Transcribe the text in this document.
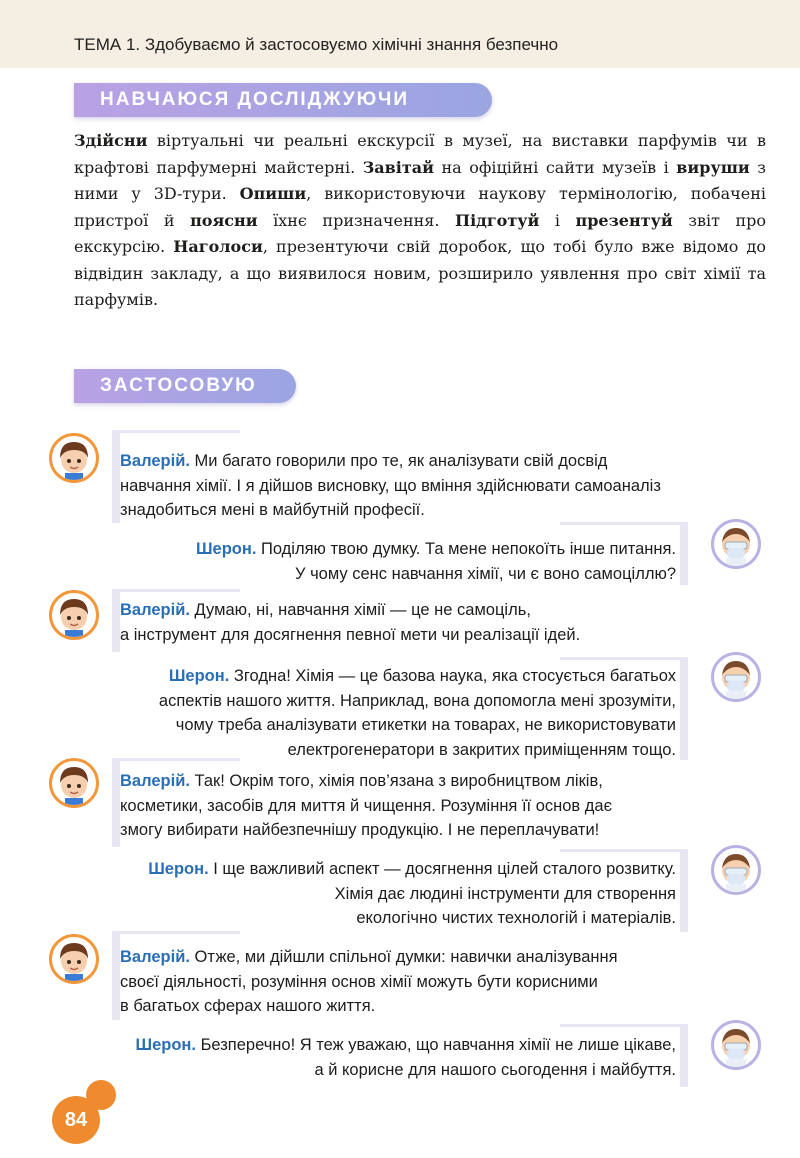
ТЕМА 1. Здобуваємо й застосовуємо хімічні знання безпечно
НАВЧАЮСЯ ДОСЛІДЖУЮЧИ

Здійсни віртуальні чи реальні екскурсії в музеї, на виставки парфумів чи в крафтові парфумерні майстерні. Завітай на офіційні сайти музеїв і вируши з ними у 3D-тури. Опиши, використовуючи наукову термінологію, побачені пристрої й поясни їхнє призначення. Підготуй і презентуй звіт про екскурсію. Наголоси, презентуючи свій доробок, що тобі було вже відомо до відвідин закладу, а що виявилося новим, розширило уявлення про світ хімії та парфумів.

ЗАСТОСОВУЮ
Валерій. Ми багато говорили про те, як аналізувати свій досвід
навчання хімії. І я дійшов висновку, що вміння здійснювати самоаналіз
знадобиться мені в майбутній професії.
Шерон. Поділяю твою думку. Та мене непокоїть інше питання.
У чому сенс навчання хімії, чи є воно самоціллю?
Валерій. Думаю, ні, навчання хімії — це не самоціль,
а інструмент для досягнення певної мети чи реалізації ідей.
Шерон. Згодна! Хімія — це базова наука, яка стосується багатьох
аспектів нашого життя. Наприклад, вона допомогла мені зрозуміти,
чому треба аналізувати етикетки на товарах, не використовувати
електрогенератори в закритих приміщенням тощо.
Валерій. Так! Окрім того, хімія пов’язана з виробництвом ліків,
косметики, засобів для миття й чищення. Розуміння її основ дає
змогу вибирати найбезпечнішу продукцію. І не переплачувати!
Шерон. І ще важливий аспект — досягнення цілей сталого розвитку.
Хімія дає людині інструменти для створення
екологічно чистих технологій і матеріалів.
Валерій. Отже, ми дійшли спільної думки: навички аналізування
своєї діяльності, розуміння основ хімії можуть бути корисними
в багатьох сферах нашого життя.
Шерон. Безперечно! Я теж уважаю, що навчання хімії не лише цікаве,
а й корисне для нашого сьогодення і майбуття.
84
